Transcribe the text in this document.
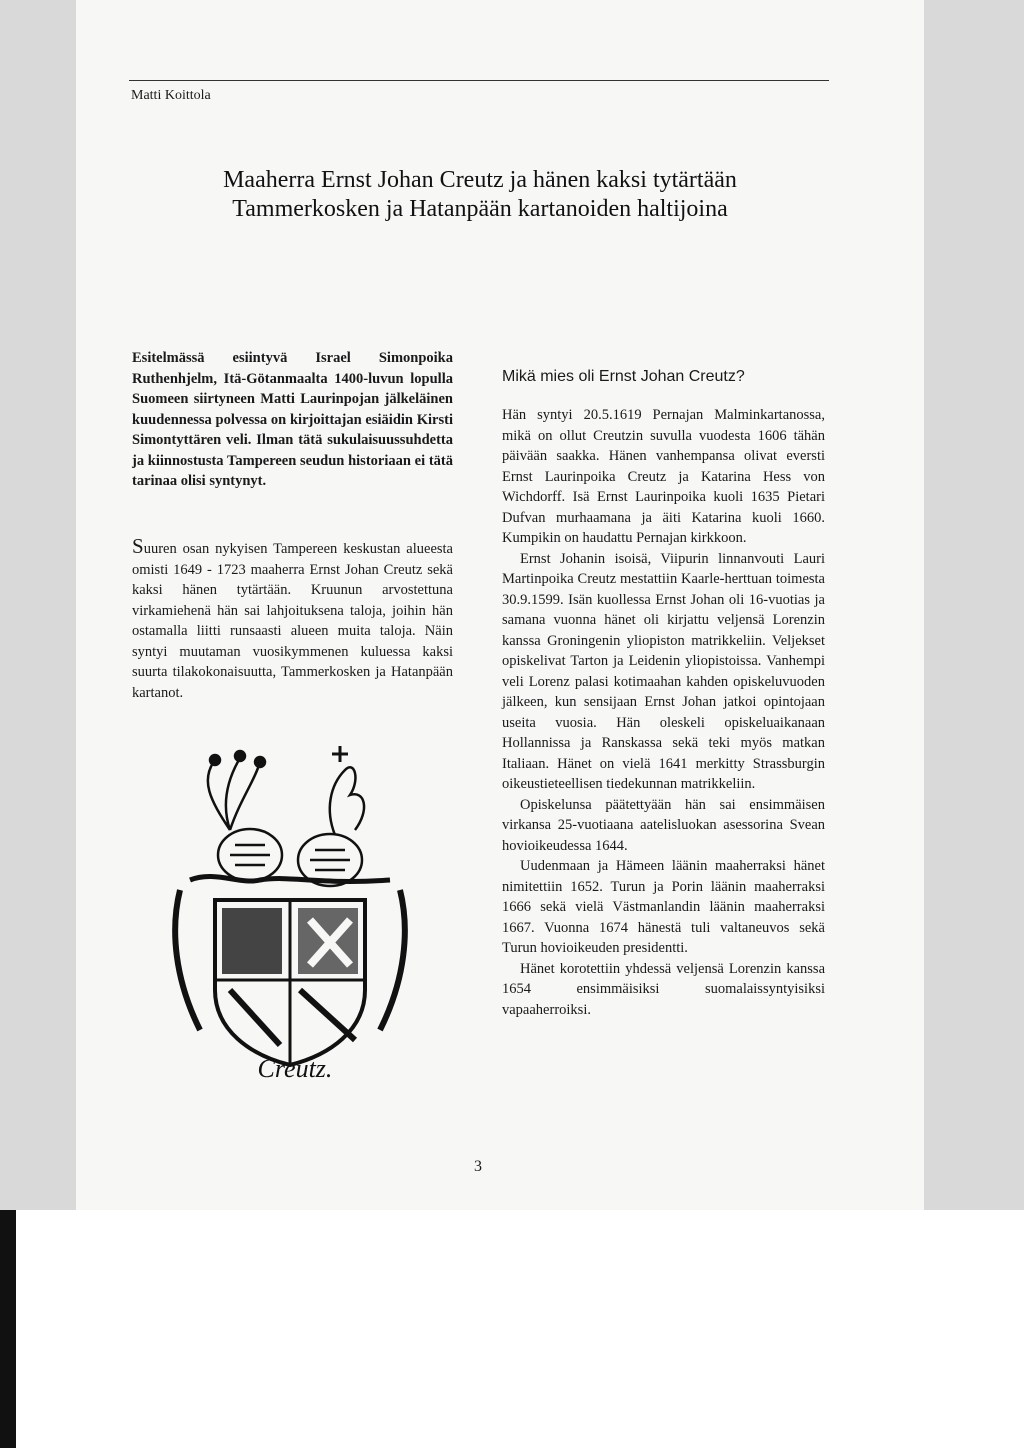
Matti Koittola
Maaherra Ernst Johan Creutz ja hänen kaksi tytärtään
Tammerkosken ja Hatanpään kartanoiden haltijoina
Esitelmässä esiintyvä Israel Simonpoika Ruthenhjelm, Itä-Götanmaalta 1400-luvun lopulla Suomeen siirtyneen Matti Laurinpojan jälkeläinen kuudennessa polvessa on kirjoittajan esiäidin Kirsti Simontyttären veli. Ilman tätä sukulaisuussuhdetta ja kiinnostusta Tampereen seudun historiaan ei tätä tarinaa olisi syntynyt.

Suuren osan nykyisen Tampereen keskustan alueesta omisti 1649 - 1723 maaherra Ernst Johan Creutz sekä kaksi hänen tytärtään. Kruunun arvostettuna virkamiehenä hän sai lahjoituksena taloja, joihin hän ostamalla liitti runsaasti alueen muita taloja. Näin syntyi muutaman vuosikymmenen kuluessa kaksi suurta tilakokonaisuutta, Tammerkosken ja Hatanpään kartanot.

Creutz.
Mikä mies oli Ernst Johan Creutz?

Hän syntyi 20.5.1619 Pernajan Malminkartanossa, mikä on ollut Creutzin suvulla vuodesta 1606 tähän päivään saakka. Hänen vanhempansa olivat eversti Ernst Laurinpoika Creutz ja Katarina Hess von Wichdorff. Isä Ernst Laurinpoika kuoli 1635 Pietari Dufvan murhaamana ja äiti Katarina kuoli 1660. Kumpikin on haudattu Pernajan kirkkoon.

Ernst Johanin isoisä, Viipurin linnanvouti Lauri Martinpoika Creutz mestattiin Kaarle-herttuan toimesta 30.9.1599. Isän kuollessa Ernst Johan oli 16-vuotias ja samana vuonna hänet oli kirjattu veljensä Lorenzin kanssa Groningenin yliopiston matrikkeliin. Veljekset opiskelivat Tarton ja Leidenin yliopistoissa. Vanhempi veli Lorenz palasi kotimaahan kahden opiskeluvuoden jälkeen, kun sensijaan Ernst Johan jatkoi opintojaan useita vuosia. Hän oleskeli opiskeluaikanaan Hollannissa ja Ranskassa sekä teki myös matkan Italiaan. Hänet on vielä 1641 merkitty Strassburgin oikeustieteellisen tiedekunnan matrikkeliin.

Opiskelunsa päätettyään hän sai ensimmäisen virkansa 25-vuotiaana aatelisluokan asessorina Svean hovioikeudessa 1644.

Uudenmaan ja Hämeen läänin maaherraksi hänet nimitettiin 1652. Turun ja Porin läänin maaherraksi 1666 sekä vielä Västmanlandin läänin maaherraksi 1667. Vuonna 1674 hänestä tuli valtaneuvos sekä Turun hovioikeuden presidentti.

Hänet korotettiin yhdessä veljensä Lorenzin kanssa 1654 ensimmäisiksi suomalaissyntyisiksi vapaaherroiksi.

3
